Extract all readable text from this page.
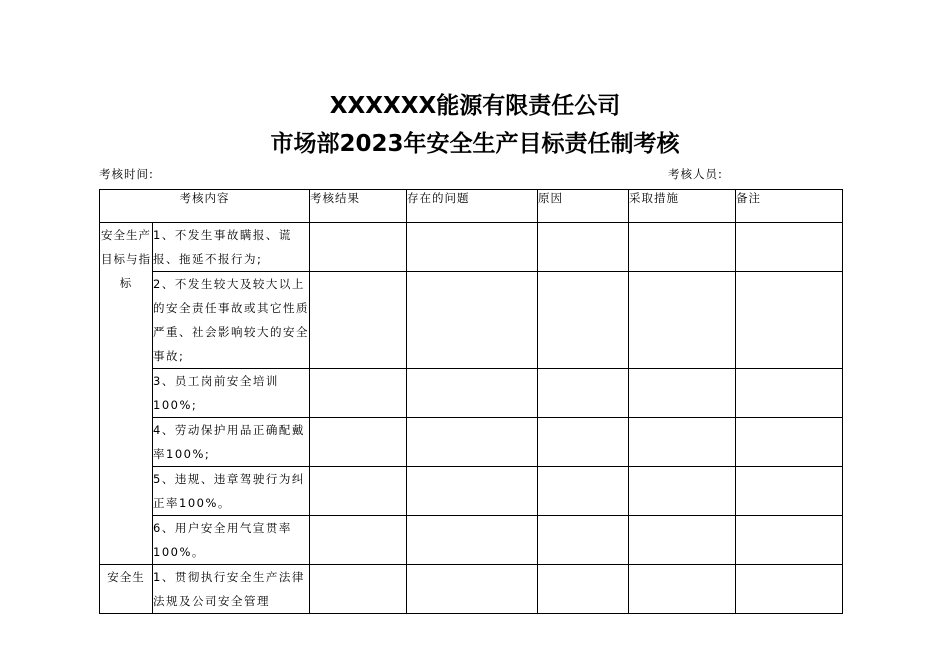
XXXXXX能源有限责任公司
市场部2023年安全生产目标责任制考核
考核时间:	考核人员:
考核内容		考核结果	存在的问题	原因	采取措施	备注
安全生产目标与指标	1、不发生事故瞒报、谎报、拖延不报行为;					
	2、不发生较大及较大以上的安全责任事故或其它性质严重、社会影响较大的安全事故;					
	3、员工岗前安全培训100%;					
	4、劳动保护用品正确配戴率100%;					
	5、违规、违章驾驶行为纠正率100%。					
	6、用户安全用气宣贯率100%。					
安全生	1、贯彻执行安全生产法律法规及公司安全管理					
